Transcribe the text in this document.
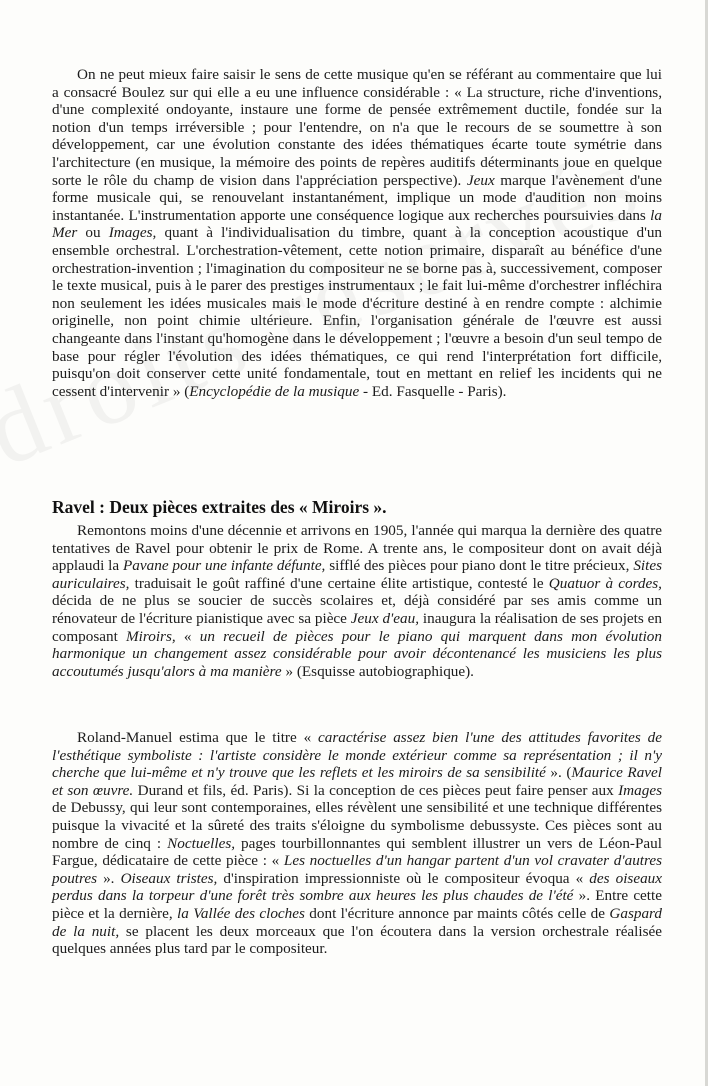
On ne peut mieux faire saisir le sens de cette musique qu'en se référant au commentaire que lui a consacré Boulez sur qui elle a eu une influence considérable : « La structure, riche d'inventions, d'une complexité ondoyante, instaure une forme de pensée extrêmement ductile, fondée sur la notion d'un temps irréversible ; pour l'entendre, on n'a que le recours de se soumettre à son développement, car une évolution constante des idées thématiques écarte toute symétrie dans l'architecture (en musique, la mémoire des points de repères auditifs déterminants joue en quelque sorte le rôle du champ de vision dans l'appréciation perspective). Jeux marque l'avènement d'une forme musicale qui, se renouvelant instantanément, implique un mode d'audition non moins instantanée. L'instrumentation apporte une conséquence logique aux recherches poursuivies dans la Mer ou Images, quant à l'individualisation du timbre, quant à la conception acoustique d'un ensemble orchestral. L'orchestration-vêtement, cette notion primaire, disparaît au bénéfice d'une orchestration-invention ; l'imagination du compositeur ne se borne pas à, successivement, composer le texte musical, puis à le parer des prestiges instrumentaux ; le fait lui-même d'orchestrer infléchira non seulement les idées musicales mais le mode d'écriture destiné à en rendre compte : alchimie originelle, non point chimie ultérieure. Enfin, l'organisation générale de l'œuvre est aussi changeante dans l'instant qu'homogène dans le développement ; l'œuvre a besoin d'un seul tempo de base pour régler l'évolution des idées thématiques, ce qui rend l'interprétation fort difficile, puisqu'on doit conserver cette unité fondamentale, tout en mettant en relief les incidents qui ne cessent d'intervenir » (Encyclopédie de la musique - Ed. Fasquelle - Paris).

Ravel : Deux pièces extraites des « Miroirs ».

Remontons moins d'une décennie et arrivons en 1905, l'année qui marqua la dernière des quatre tentatives de Ravel pour obtenir le prix de Rome. A trente ans, le compositeur dont on avait déjà applaudi la Pavane pour une infante défunte, sifflé des pièces pour piano dont le titre précieux, Sites auriculaires, traduisait le goût raffiné d'une certaine élite artistique, contesté le Quatuor à cordes, décida de ne plus se soucier de succès scolaires et, déjà considéré par ses amis comme un rénovateur de l'écriture pianistique avec sa pièce Jeux d'eau, inaugura la réalisation de ses projets en composant Miroirs, « un recueil de pièces pour le piano qui marquent dans mon évolution harmonique un changement assez considérable pour avoir décontenancé les musiciens les plus accoutumés jusqu'alors à ma manière » (Esquisse autobiographique).

Roland-Manuel estima que le titre « caractérise assez bien l'une des attitudes favorites de l'esthétique symboliste : l'artiste considère le monde extérieur comme sa représentation ; il n'y cherche que lui-même et n'y trouve que les reflets et les miroirs de sa sensibilité ». (Maurice Ravel et son œuvre. Durand et fils, éd. Paris). Si la conception de ces pièces peut faire penser aux Images de Debussy, qui leur sont contemporaines, elles révèlent une sensibilité et une technique différentes puisque la vivacité et la sûreté des traits s'éloigne du symbolisme debussyste. Ces pièces sont au nombre de cinq : Noctuelles, pages tourbillonnantes qui semblent illustrer un vers de Léon-Paul Fargue, dédicataire de cette pièce : « Les noctuelles d'un hangar partent d'un vol cravater d'autres poutres ». Oiseaux tristes, d'inspiration impressionniste où le compositeur évoqua « des oiseaux perdus dans la torpeur d'une forêt très sombre aux heures les plus chaudes de l'été ». Entre cette pièce et la dernière, la Vallée des cloches dont l'écriture annonce par maints côtés celle de Gaspard de la nuit, se placent les deux morceaux que l'on écoutera dans la version orchestrale réalisée quelques années plus tard par le compositeur.
